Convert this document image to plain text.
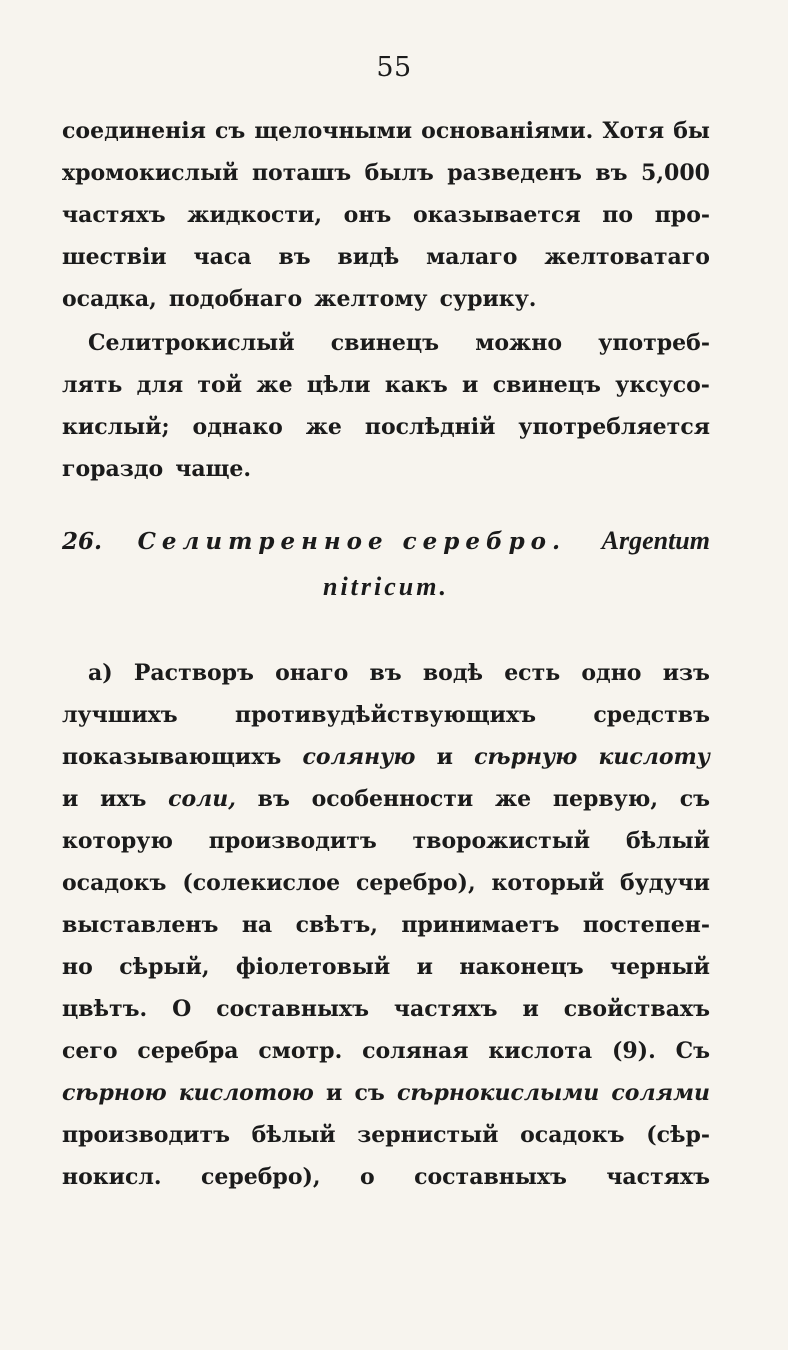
55
соединенія съ щелочными основаніями. Хотя бы
хромокислый поташъ былъ разведенъ въ 5,000
частяхъ жидкости, онъ оказывается по про-
шествіи часа въ видѣ малаго желтоватаго
осадка, подобнаго желтому сурику.
Селитрокислый свинецъ можно употреб-
лять для той же цѣли какъ и свинецъ уксусо-
кислый; однако же послѣдній употребляется
гораздо чаще.
26. Селитренное серебро. Argentum
nitricum.
а) Растворъ онаго въ водѣ есть одно изъ
лучшихъ	противудѣйствующихъ	средствъ
показывающихъ соляную и сѣрную кислоту
и ихъ соли, въ особенности же первую, съ
которую производитъ творожистый бѣлый
осадокъ (солекислое серебро), который будучи
выставленъ на свѣтъ, принимаетъ постепен-
но сѣрый, фіолетовый и наконецъ черный
цвѣтъ. О составныхъ частяхъ и свойствахъ
сего серебра смотр. соляная кислота (9). Съ
сѣрною кислотою и съ сѣрнокислыми солями
производитъ бѣлый зернистый осадокъ (сѣр-
нокисл. серебро), о составныхъ частяхъ
